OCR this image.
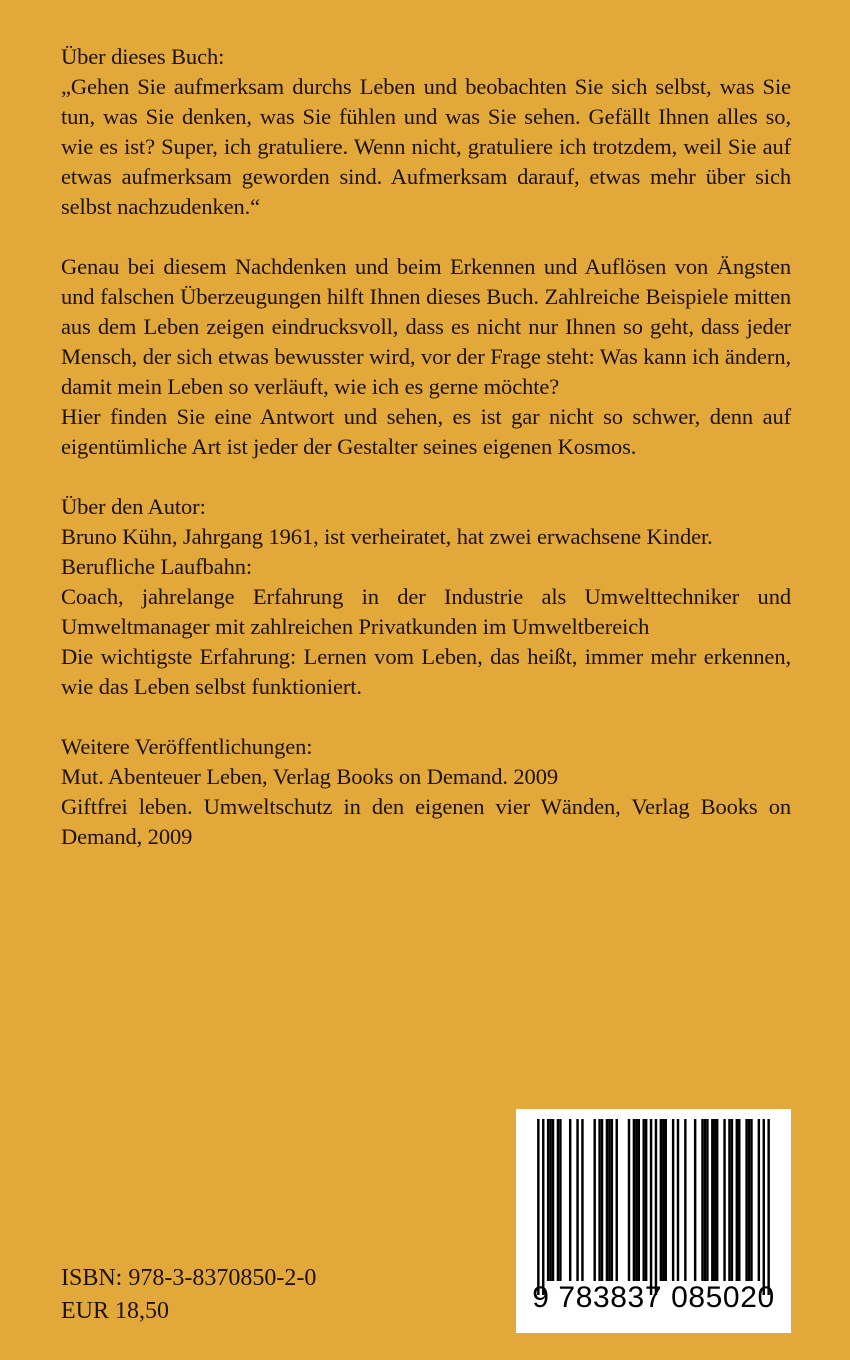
Über dieses Buch:

„Gehen Sie aufmerksam durchs Leben und beobachten Sie sich selbst, was Sie tun, was Sie denken, was Sie fühlen und was Sie sehen. Gefällt Ihnen alles so, wie es ist? Super, ich gratuliere. Wenn nicht, gratuliere ich trotzdem, weil Sie auf etwas aufmerksam geworden sind. Aufmerksam darauf, etwas mehr über sich selbst nachzudenken.“

Genau bei diesem Nachdenken und beim Erkennen und Auflösen von Ängsten und falschen Überzeugungen hilft Ihnen dieses Buch. Zahlreiche Beispiele mitten aus dem Leben zeigen eindrucksvoll, dass es nicht nur Ihnen so geht, dass jeder Mensch, der sich etwas bewusster wird, vor der Frage steht: Was kann ich ändern, damit mein Leben so verläuft, wie ich es gerne möchte?

Hier finden Sie eine Antwort und sehen, es ist gar nicht so schwer, denn auf eigentümliche Art ist jeder der Gestalter seines eigenen Kosmos.

Über den Autor:

Bruno Kühn, Jahrgang 1961, ist verheiratet, hat zwei erwachsene Kinder.

Berufliche Laufbahn:

Coach, jahrelange Erfahrung in der Industrie als Umwelttechniker und Umweltmanager mit zahlreichen Privatkunden im Umweltbereich

Die wichtigste Erfahrung: Lernen vom Leben, das heißt, immer mehr erkennen, wie das Leben selbst funktioniert.

Weitere Veröffentlichungen:

Mut. Abenteuer Leben, Verlag Books on Demand. 2009

Giftfrei leben. Umweltschutz in den eigenen vier Wänden, Verlag Books on Demand, 2009

ISBN: 978-3-8370850-2-0
EUR 18,50	9 783837 085020
